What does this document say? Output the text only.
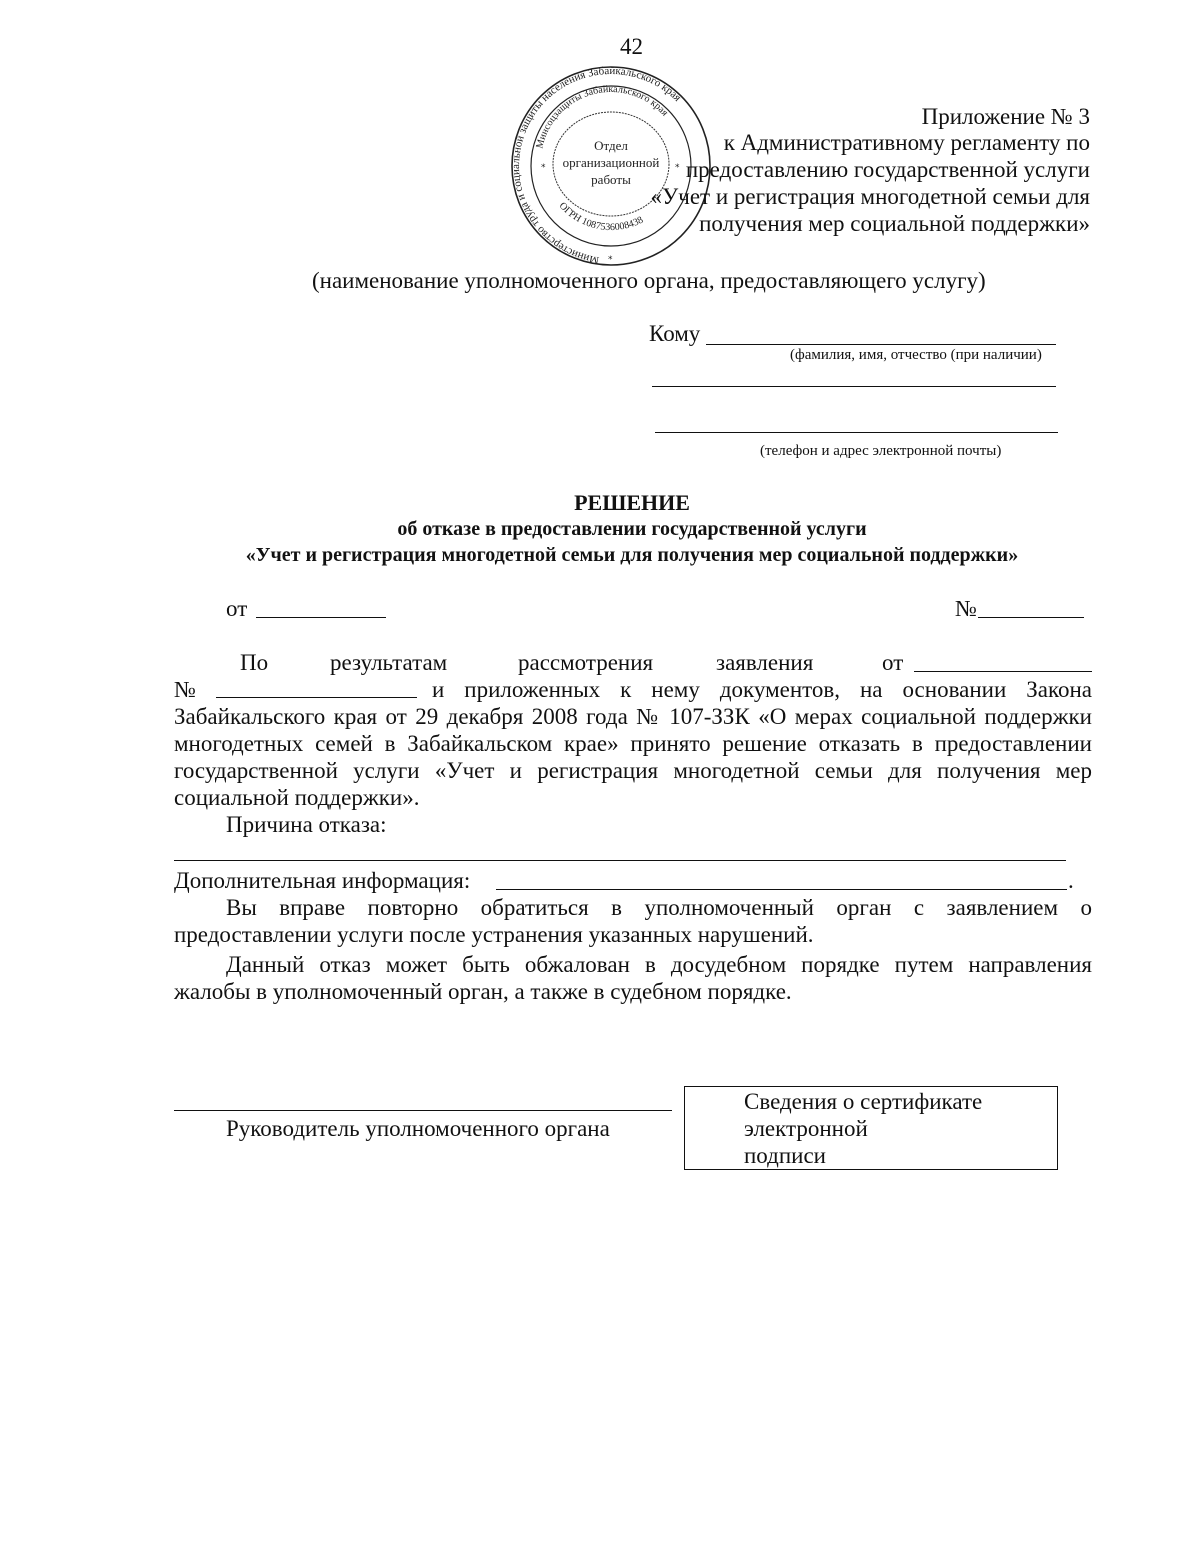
42
Министерство труда и социальной защиты населения Забайкальского края
Минсоцзащиты Забайкальского края
ОГРН 1087536008438
Отдел
организационной
работы
*	*
*
Приложение № 3
к Административному регламенту по
предоставлению государственной услуги
«Учет и регистрация многодетной семьи для
получения мер социальной поддержки»
(наименование уполномоченного органа, предоставляющего услугу)
Кому
(фамилия, имя, отчество (при наличии)
(телефон и адрес электронной почты)
РЕШЕНИЕ
об отказе в предоставлении государственной услуги
«Учет и регистрация многодетной семьи для получения мер социальной поддержки»
от	№
По	результатам	рассмотрения	заявления	от
№	и приложенных к нему документов, на основании Закона
Забайкальского края от 29 декабря 2008 года № 107-ЗЗК «О мерах социальной поддержки
многодетных семей в Забайкальском крае» принято решение отказать в предоставлении
государственной услуги «Учет и регистрация многодетной семьи для получения мер
социальной поддержки».
Причина отказа:
Дополнительная информация:	.
Вы вправе повторно обратиться в уполномоченный орган с заявлением о
предоставлении услуги после устранения указанных нарушений.
Данный отказ может быть обжалован в досудебном порядке путем направления
жалобы в уполномоченный орган, а также в судебном порядке.
Руководитель уполномоченного органа
Сведения о сертификате
электронной
подписи
